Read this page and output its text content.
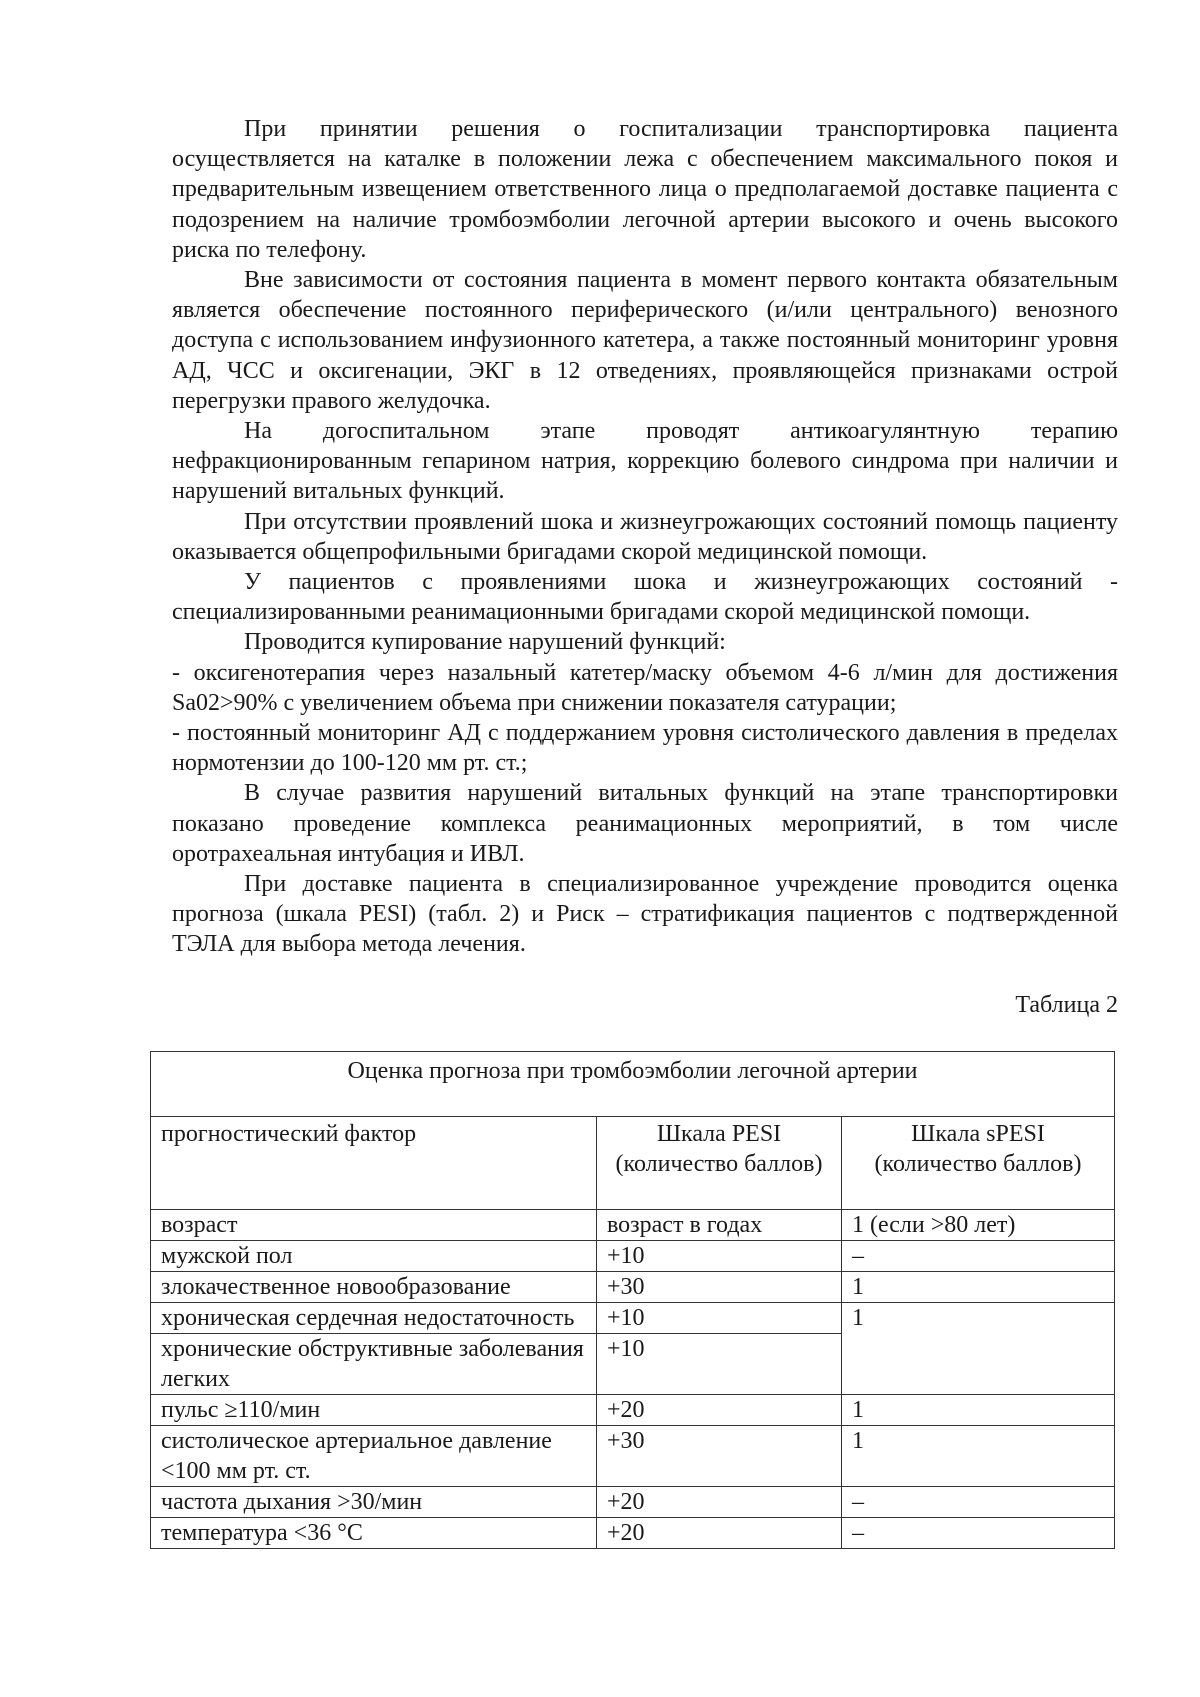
При принятии решения о госпитализации транспортировка пациента осуществляется на каталке в положении лежа с обеспечением максимального покоя и предварительным извещением ответственного лица о предполагаемой доставке пациента с подозрением на наличие тромбоэмболии легочной артерии высокого и очень высокого риска по телефону.

Вне зависимости от состояния пациента в момент первого контакта обязательным является обеспечение постоянного периферического (и/или центрального) венозного доступа с использованием инфузионного катетера, а также постоянный мониторинг уровня АД, ЧСС и оксигенации, ЭКГ в 12 отведениях, проявляющейся признаками острой перегрузки правого желудочка.

На догоспитальном этапе проводят антикоагулянтную терапию нефракционированным гепарином натрия, коррекцию болевого синдрома при наличии и нарушений витальных функций.

При отсутствии проявлений шока и жизнеугрожающих состояний помощь пациенту оказывается общепрофильными бригадами скорой медицинской помощи.

У пациентов с проявлениями шока и жизнеугрожающих состояний - специализированными реанимационными бригадами скорой медицинской помощи.

Проводится купирование нарушений функций:

- оксигенотерапия через назальный катетер/маску объемом 4-6 л/мин для достижения Sa02>90% с увеличением объема при снижении показателя сатурации;

- постоянный мониторинг АД с поддержанием уровня систолического давления в пределах нормотензии до 100-120 мм рт. ст.;

В случае развития нарушений витальных функций на этапе транспортировки показано проведение комплекса реанимационных мероприятий, в том числе оротрахеальная интубация и ИВЛ.

При доставке пациента в специализированное учреждение проводится оценка прогноза (шкала PESI) (табл. 2) и Риск – стратификация пациентов с подтвержденной ТЭЛА для выбора метода лечения.

Таблица 2
Оценка прогноза при тромбоэмболии легочной артерии		
прогностический фактор	Шкала PESI (количество баллов)	Шкала sPESI (количество баллов)
возраст	возраст в годах	1 (если >80 лет)
мужской пол	+10	–
злокачественное новообразование	+30	1
хроническая сердечная недостаточность	+10	1
хронические обструктивные заболевания легких	+10	
пульс ≥110/мин	+20	1
систолическое артериальное давление <100 мм рт. ст.	+30	1
частота дыхания >30/мин	+20	–
температура <36 °C	+20	–
